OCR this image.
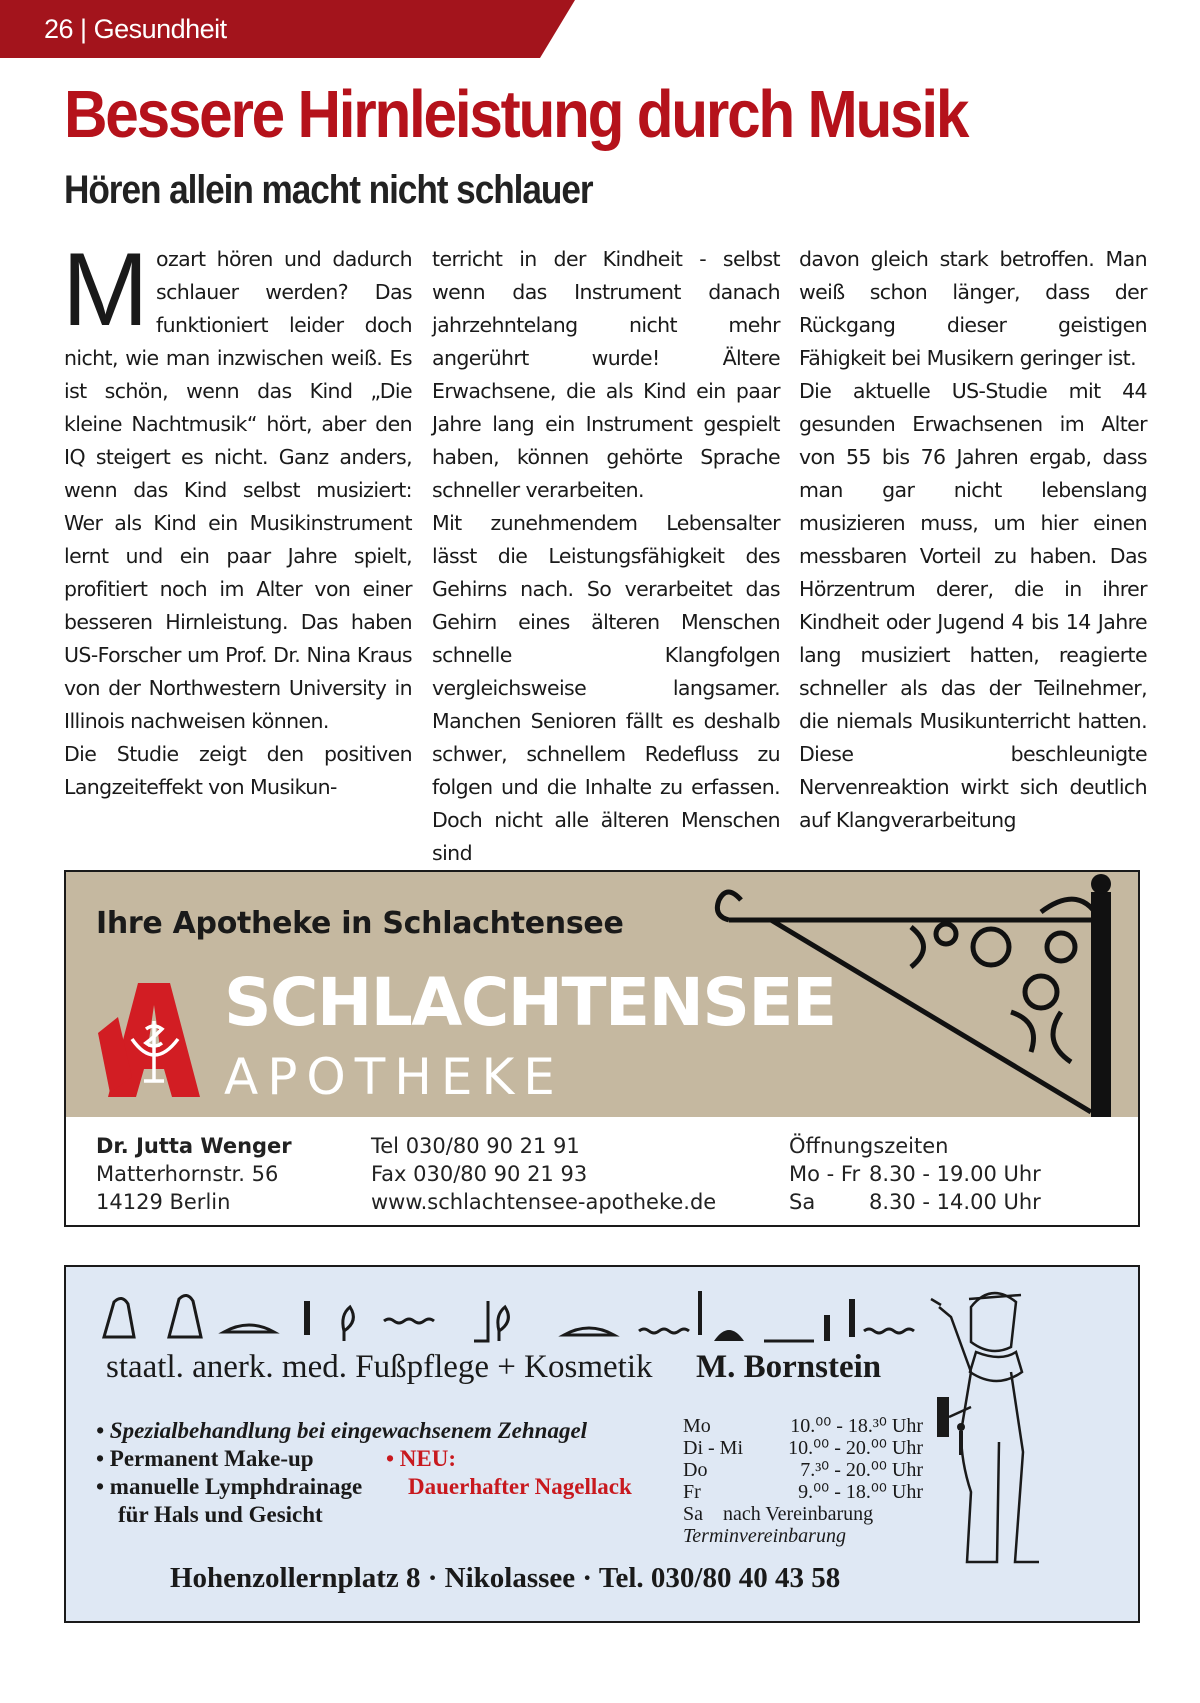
26 | Gesundheit
Bessere Hirnleistung durch Musik
Hören allein macht nicht schlauer
M ozart hören und dadurch schlauer werden? Das funktioniert leider doch nicht, wie man inzwischen weiß. Es ist schön, wenn das Kind „Die kleine Nachtmusik“ hört, aber den IQ steigert es nicht. Ganz anders, wenn das Kind selbst musiziert: Wer als Kind ein Musikinstrument lernt und ein paar Jahre spielt, profitiert noch im Alter von einer besseren Hirnleistung. Das haben US-Forscher um Prof. Dr. Nina Kraus von der Northwestern University in Illinois nachweisen können.

Die Studie zeigt den positiven Langzeiteffekt von Musikun-

terricht in der Kindheit - selbst wenn das Instrument danach jahrzehntelang nicht mehr angerührt wurde! Ältere Erwachsene, die als Kind ein paar Jahre lang ein Instrument gespielt haben, können gehörte Sprache schneller verarbeiten.

Mit zunehmendem Lebensalter lässt die Leistungsfähigkeit des Gehirns nach. So verarbeitet das Gehirn eines älteren Menschen schnelle Klangfolgen vergleichsweise langsamer. Manchen Senioren fällt es deshalb schwer, schnellem Redefluss zu folgen und die Inhalte zu erfassen. Doch nicht alle älteren Menschen sind

davon gleich stark betroffen. Man weiß schon länger, dass der Rückgang dieser geistigen Fähigkeit bei Musikern geringer ist.

Die aktuelle US-Studie mit 44 gesunden Erwachsenen im Alter von 55 bis 76 Jahren ergab, dass man gar nicht lebenslang musizieren muss, um hier einen messbaren Vorteil zu haben. Das Hörzentrum derer, die in ihrer Kindheit oder Jugend 4 bis 14 Jahre lang musiziert hatten, reagierte schneller als das der Teilnehmer, die niemals Musikunterricht hatten. Diese beschleunigte Nervenreaktion wirkt sich deutlich auf Klangverarbeitung

Ihre Apotheke in Schlachtensee
SCHLACHTENSEE
APOTHEKE
Dr. Jutta Wenger
Matterhornstr. 56
14129 Berlin
Tel 030/80 90 21 91
Fax 030/80 90 21 93
www.schlachtensee-apotheke.de
Öffnungszeiten
Mo - Fr 8.30 - 19.00 Uhr
Sa	8.30 - 14.00 Uhr
staatl. anerk. med. Fußpflege + Kosmetik M. Bornstein
• Spezialbehandlung bei eingewachsenem Zehnagel
• Permanent Make-up
• manuelle Lymphdrainage
für Hals und Gesicht
• NEU:
Dauerhafter Nagellack
Mo	10.⁰⁰ - 18.³⁰ Uhr
Di - Mi	10.⁰⁰ - 20.⁰⁰ Uhr
Do	7.³⁰ - 20.⁰⁰ Uhr
Fr	9.⁰⁰ - 18.⁰⁰ Uhr
Sa	nach Vereinbarung
Terminvereinbarung
Hohenzollernplatz 8 · Nikolassee · Tel. 030/80 40 43 58
